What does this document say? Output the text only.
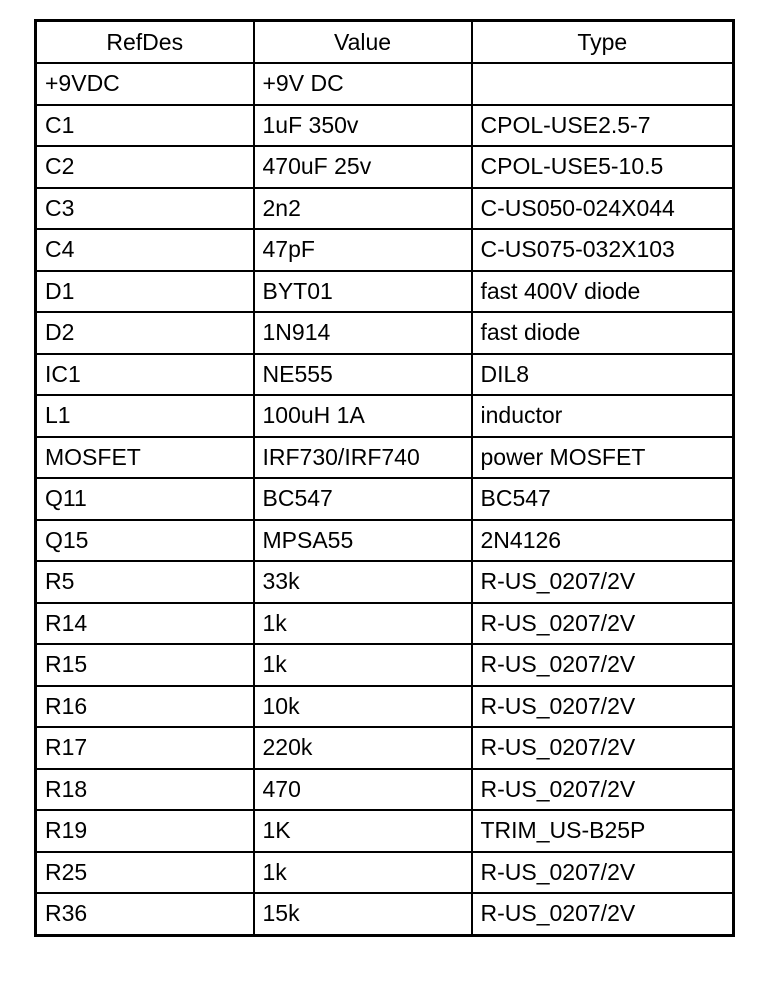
RefDes	Value	Type
+9VDC	+9V DC	
C1	1uF 350v	CPOL-USE2.5-7
C2	470uF 25v	CPOL-USE5-10.5
C3	2n2	C-US050-024X044
C4	47pF	C-US075-032X103
D1	BYT01	fast 400V diode
D2	1N914	fast diode
IC1	NE555	DIL8
L1	100uH 1A	inductor
MOSFET	IRF730/IRF740	power MOSFET
Q11	BC547	BC547
Q15	MPSA55	2N4126
R5	33k	R-US_0207/2V
R14	1k	R-US_0207/2V
R15	1k	R-US_0207/2V
R16	10k	R-US_0207/2V
R17	220k	R-US_0207/2V
R18	470	R-US_0207/2V
R19	1K	TRIM_US-B25P
R25	1k	R-US_0207/2V
R36	15k	R-US_0207/2V
